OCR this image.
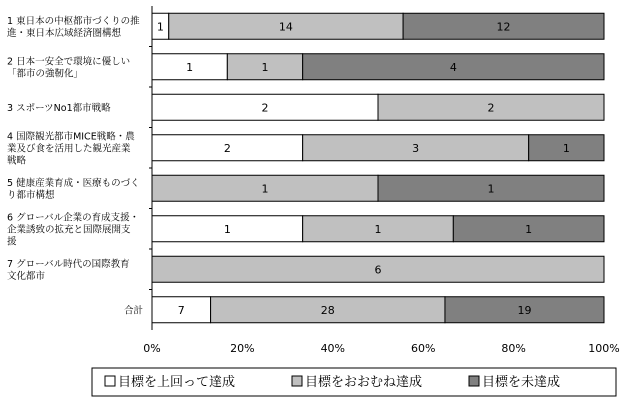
1 東日本の中枢都市づくりの推進・東日本広域経済圏構想
2 日本一安全で環境に優しい「都市の強靭化」
3 スポーツNo1都市戦略
4 国際観光都市MICE戦略・農業及び食を活用した観光産業戦略
5 健康産業育成・医療ものづくり都市構想
6 グローバル企業の育成支援・企業誘致の拡充と国際展開支援
7 グローバル時代の国際教育文化都市
合計
1	14	12
1	1	4
2	2
2	3	1
1	1
1	1	1
6
7	28	19
0%	20%	40%	60%	80%	100%
目標を上回って達成	目標をおおむね達成	目標を未達成
